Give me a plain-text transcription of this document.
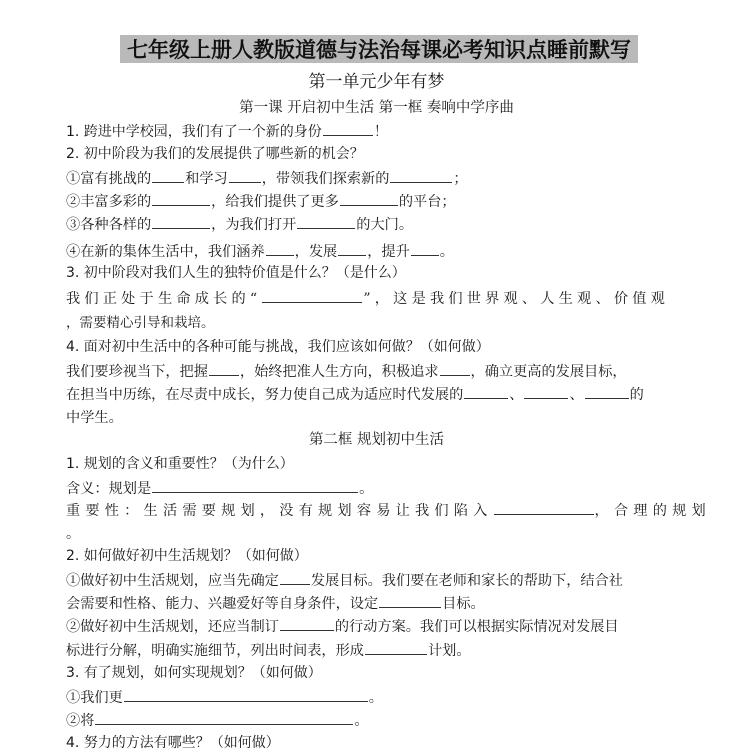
七年级上册人教版道德与法治每课必考知识点睡前默写
第一单元少年有梦
第一课 开启初中生活 第一框 奏响中学序曲
1. 跨进中学校园，我们有了一个新的身份	！
2. 初中阶段为我们的发展提供了哪些新的机会？
①富有挑战的 和学习 ，带领我们探索新的	；
②丰富多彩的	，给我们提供了更多	的平台；
③各种各样的	，为我们打开	的大门。
④在新的集体生活中，我们涵养 ，发展 ，提升 。
3. 初中阶段对我们人生的独特价值是什么？（是什么）
我们正处于生命成长的“	”，这是我们世界观、人生观、价值观
，需要精心引导和栽培。
4. 面对初中生活中的各种可能与挑战，我们应该如何做？（如何做）
我们要珍视当下，把握 ，始终把准人生方向，积极追求 ，确立更高的发展目标，
在担当中历练，在尽责中成长，努力使自己成为适应时代发展的	、	、	的
中学生。
第二框 规划初中生活
1. 规划的含义和重要性？（为什么）
含义：规划是	。
重要性：生活需要规划，没有规划容易让我们陷入	，合理的规划
。
2. 如何做好初中生活规划？（如何做）
①做好初中生活规划，应当先确定 发展目标。我们要在老师和家长的帮助下，结合社
会需要和性格、能力、兴趣爱好等自身条件，设定	目标。
②做好初中生活规划，还应当制订	的行动方案。我们可以根据实际情况对发展目
标进行分解，明确实施细节，列出时间表，形成	计划。
3. 有了规划，如何实现规划？（如何做）
①我们更	。
②将	。
4. 努力的方法有哪些？（如何做）
